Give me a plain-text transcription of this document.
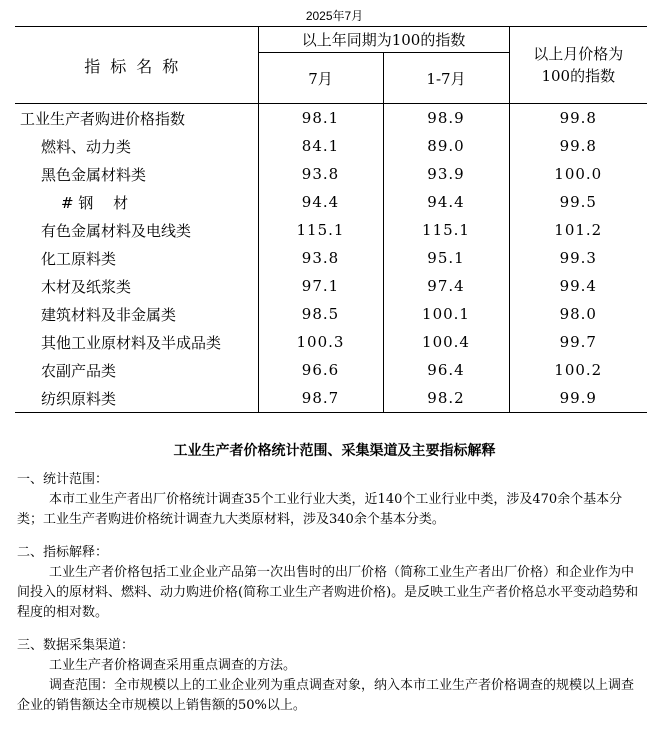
2025年7月
指标名称	以上年同期为100的指数		以上月价格为
100的指数

	7月	1-7月	
工业生产者购进价格指数	98.1	98.9	99.8
燃料、动力类	84.1	89.0	99.8
黑色金属材料类	93.8	93.9	100.0
# 钢　 材	94.4	94.4	99.5
有色金属材料及电线类	115.1	115.1	101.2
化工原料类	93.8	95.1	99.3
木材及纸浆类	97.1	97.4	99.4
建筑材料及非金属类	98.5	100.1	98.0
其他工业原材料及半成品类	100.3	100.4	99.7
农副产品类	96.6	96.4	100.2
纺织原料类	98.7	98.2	99.9
工业生产者价格统计范围、采集渠道及主要指标解释
一、统计范围：

本市工业生产者出厂价格统计调查35个工业行业大类，近140个工业行业中类，涉及470余个基本分类；工业生产者购进价格统计调查九大类原材料，涉及340余个基本分类。

二、指标解释：

工业生产者价格包括工业企业产品第一次出售时的出厂价格（简称工业生产者出厂价格）和企业作为中间投入的原材料、燃料、动力购进价格(简称工业生产者购进价格)。是反映工业生产者价格总水平变动趋势和程度的相对数。

三、数据采集渠道：

工业生产者价格调查采用重点调查的方法。

调查范围：全市规模以上的工业企业列为重点调查对象，纳入本市工业生产者价格调查的规模以上调查企业的销售额达全市规模以上销售额的50%以上。
